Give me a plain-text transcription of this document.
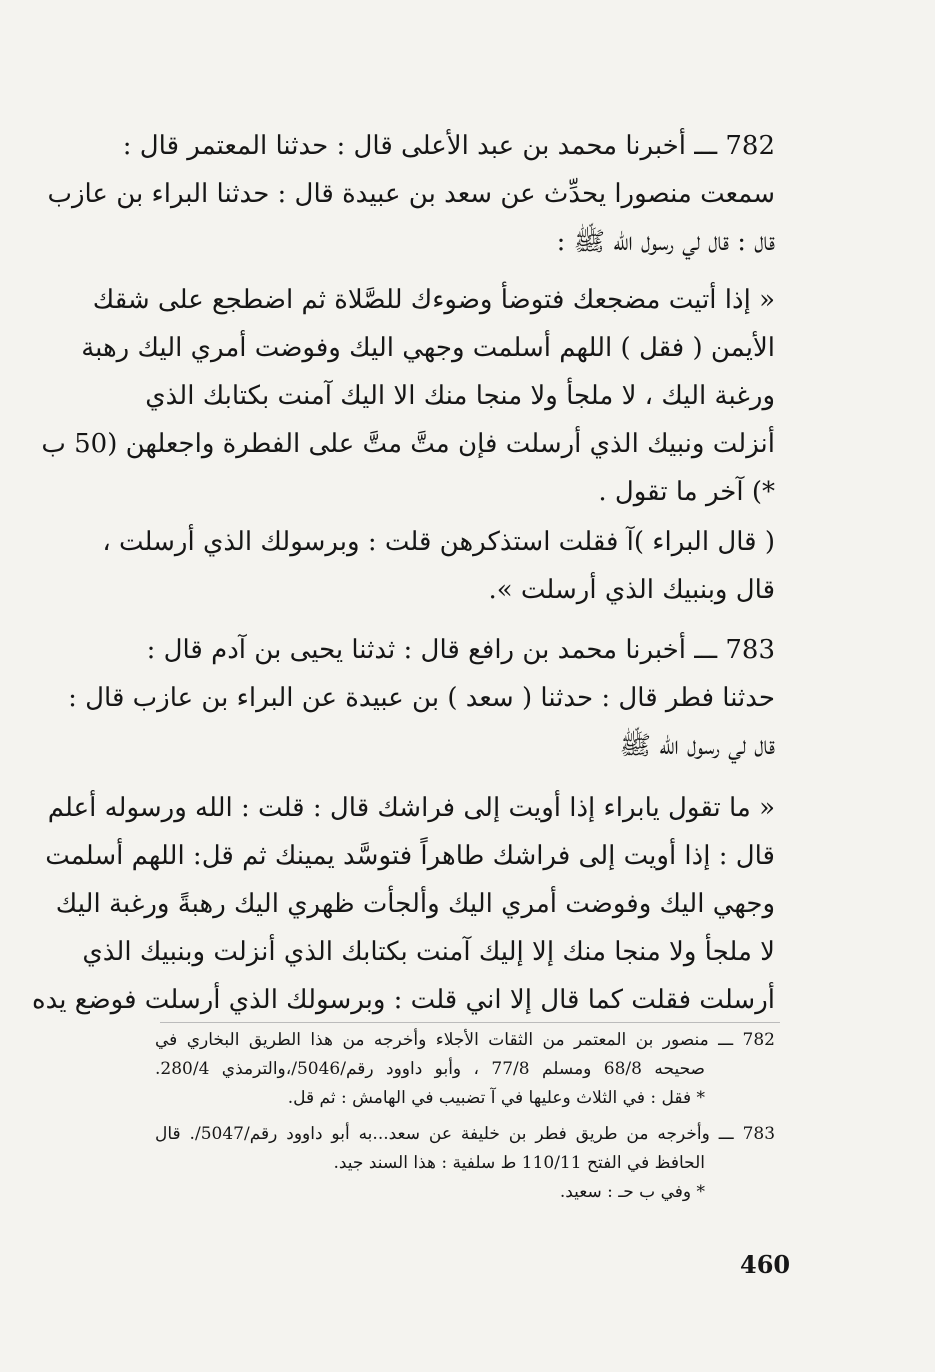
782 ـــ أخبرنا محمد بن عبد الأعلى قال : حدثنا المعتمر قال :
سمعت منصورا يحدِّث عن سعد بن عبيدة قال : حدثنا البراء بن عازب
قال : قال لي رسول الله ﷺ :
« إذا أتيت مضجعك فتوضأ وضوءك للصَّلاة ثم اضطجع على شقك
الأيمن ( فقل ) اللهم أسلمت وجهي اليك وفوضت أمري اليك رهبة
ورغبة اليك ، لا ملجأ ولا منجا منك الا اليك آمنت بكتابك الذي
أنزلت ونبيك الذي أرسلت فإن متَّ متَّ على الفطرة واجعلهن (50 ب
*) آخر ما تقول .
( قال البراء )آ فقلت استذكرهن قلت : وبرسولك الذي أرسلت ،
قال وبنبيك الذي أرسلت ».
783 ـــ أخبرنا محمد بن رافع قال : ثدثنا يحيى بن آدم قال :
حدثنا فطر قال : حدثنا ( سعد ) بن عبيدة عن البراء بن عازب قال :
قال لي رسول الله ﷺ
« ما تقول يابراء إذا أويت إلى فراشك قال : قلت : الله ورسوله أعلم
قال : إذا أويت إلى فراشك طاهراً فتوسَّد يمينك ثم قل: اللهم أسلمت
وجهي اليك وفوضت أمري اليك وألجأت ظهري اليك رهبةً ورغبة اليك
لا ملجأ ولا منجا منك إلا إليك آمنت بكتابك الذي أنزلت وبنبيك الذي
أرسلت فقلت كما قال إلا اني قلت : وبرسولك الذي أرسلت فوضع يده
782 ـــ منصور بن المعتمر من الثقات الأجلاء وأخرجه من هذا الطريق البخاري في
صحيحه 68/8 ومسلم 77/8 ، وأبو داوود رقم/5046/،والترمذي 280/4.
* فقل : في الثلاث وعليها في آ تضبيب في الهامش : ثم قل.
783 ـــ وأخرجه من طريق فطر بن خليفة عن سعد...به أبو داوود رقم/5047/. قال
الحافظ في الفتح 110/11 ط سلفية : هذا السند جيد.
* وفي ب حـ : سعيد.
460
